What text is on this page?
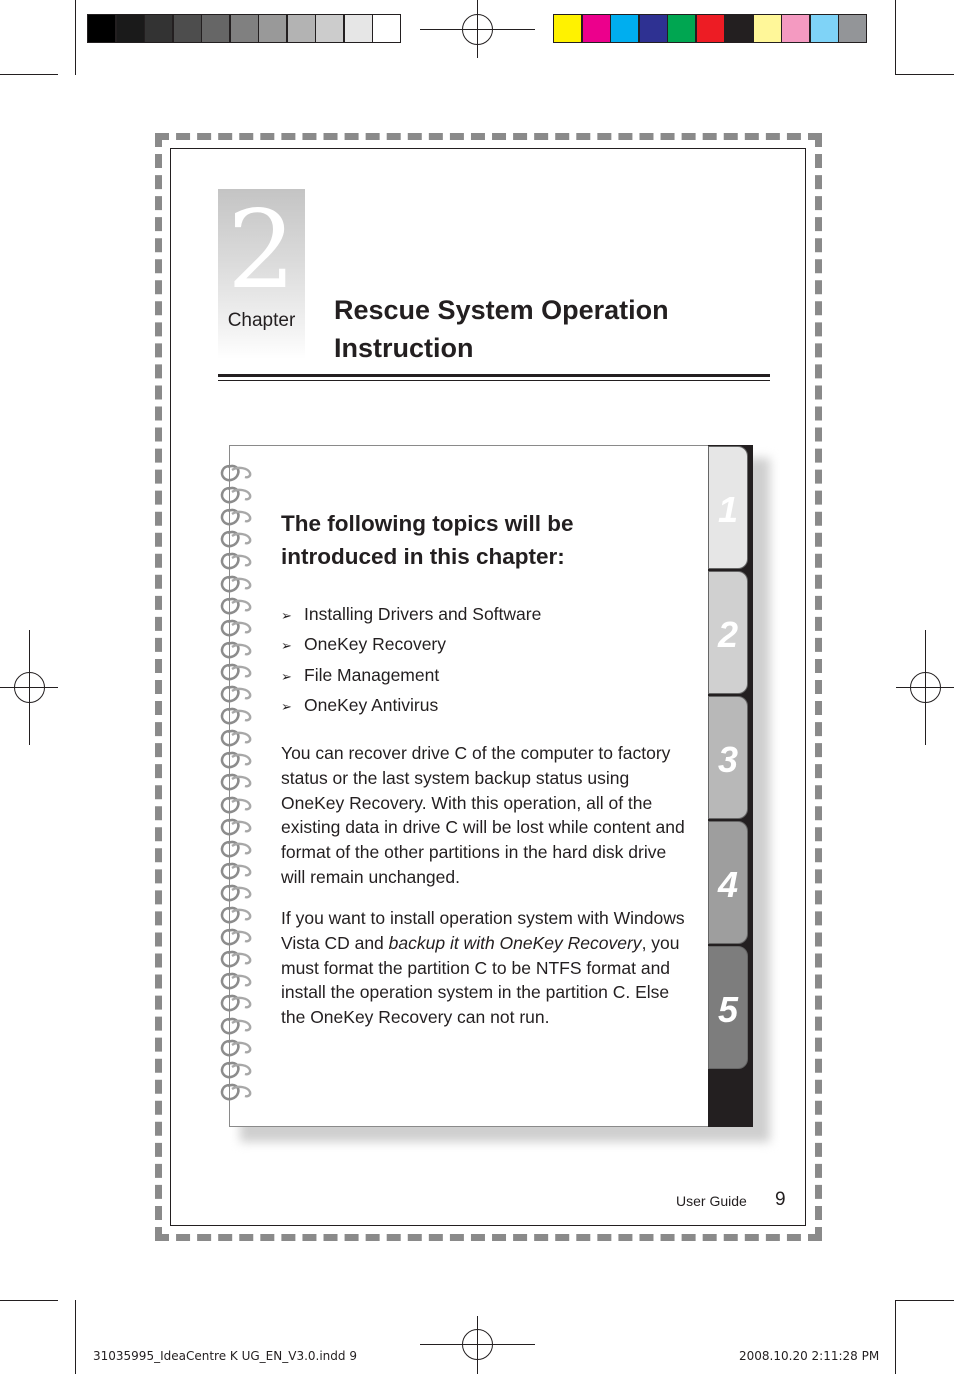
31035995_IdeaCentre K UG_EN_V3.0.indd 9	2008.10.20 2:11:28 PM
2
Chapter	Rescue System Operation
Instruction
1
2
3
4
5
The following topics will be
introduced in this chapter:
➢ Installing Drivers and Software
➢ OneKey Recovery
➢ File Management
➢ OneKey Antivirus
You can recover drive C of the computer to factory status or the last system backup status using OneKey Recovery. With this operation, all of the existing data in drive C will be lost while content and format of the other partitions in the hard disk drive will remain unchanged.
If you want to install operation system with Windows Vista CD and backup it with OneKey Recovery, you must format the partition C to be NTFS format and install the operation system in the partition C. Else the OneKey Recovery can not run.
User Guide 9
